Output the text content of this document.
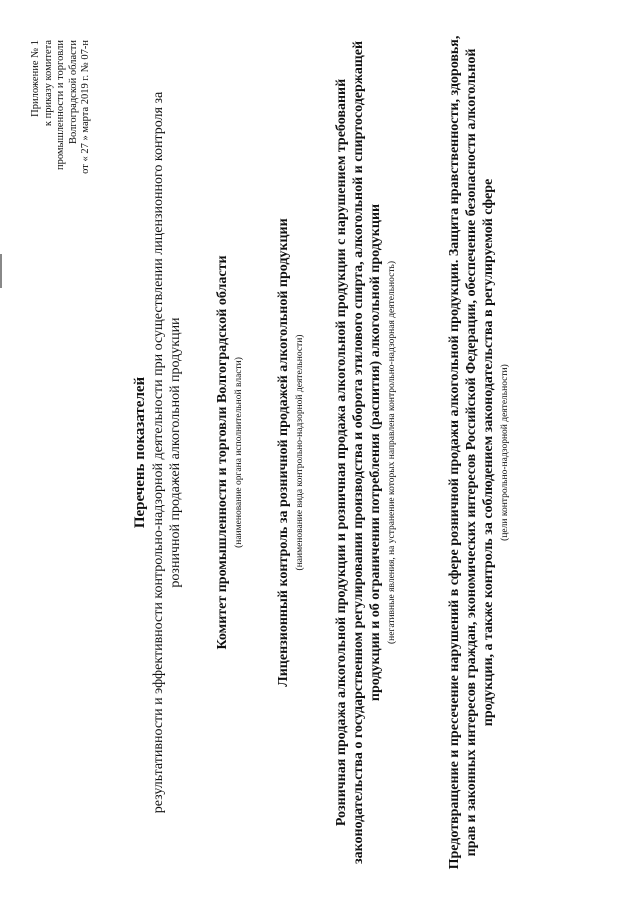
Приложение № 1 к приказу комитета промышленности и торговли Волгоградской области от « 27 » марта 2019 г. № 07-н
Перечень показателей результативности и эффективности контрольно-надзорной деятельности при осуществлении лицензионного контроля за розничной продажей алкогольной продукции Комитет промышленности и торговли Волгоградской области (наименование органа исполнительной власти) Лицензионный контроль за розничной продажей алкогольной продукции (наименование вида контрольно-надзорной деятельности) Розничная продажа алкогольной продукции и розничная продажа алкогольной продукции с нарушением требований законодательства о государственном регулировании производства и оборота этилового спирта, алкогольной и спиртосодержащей продукции и об ограничении потребления (распития) алкогольной продукции (негативные явления, на устранение которых направлена контрольно-надзорная деятельность)	Предотвращение и пресечение нарушений в сфере розничной продажи алкогольной продукции. Защита нравственности, здоровья, прав и законных интересов граждан, экономических интересов Российской Федерации, обеспечение безопасности алкогольной продукции, а также контроль за соблюдением законодательства в регулируемой сфере (цели контрольно-надзорной деятельности)
